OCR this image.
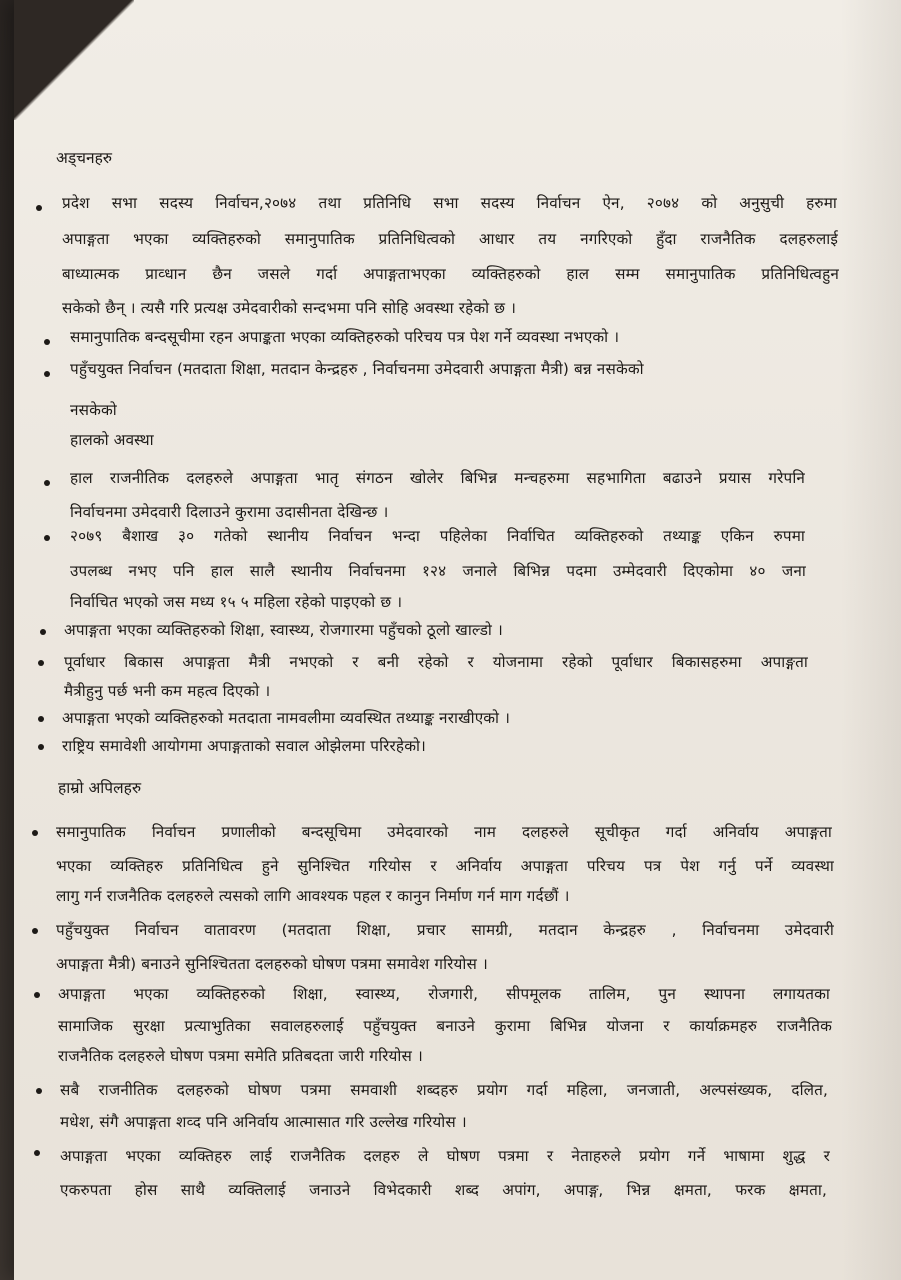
अड्चनहरु
प्रदेश सभा सदस्य निर्वाचन,२०७४ तथा प्रतिनिधि सभा सदस्य निर्वाचन ऐन, २०७४ को अनुसुची हरुमा
अपाङ्गता भएका व्यक्तिहरुको समानुपातिक प्रतिनिधित्वको आधार तय नगरिएको हुँदा राजनैतिक दलहरुलाई
बाध्यात्मक प्राव्धान छैन जसले गर्दा अपाङ्गताभएका व्यक्तिहरुको हाल सम्म समानुपातिक प्रतिनिधित्वहुन
सकेको छैन् । त्यसै गरि प्रत्यक्ष उमेदवारीको सन्दभमा पनि सोहि अवस्था रहेको छ ।
समानुपातिक बन्दसूचीमा रहन अपाङ्कता भएका व्यक्तिहरुको परिचय पत्र पेश गर्ने व्यवस्था नभएको ।
पहुँचयुक्त निर्वाचन (मतदाता शिक्षा, मतदान केन्द्रहरु , निर्वाचनमा उमेदवारी अपाङ्गता मैत्री) बन्न नसकेको
नसकेको
हालको अवस्था
हाल राजनीतिक दलहरुले अपाङ्गता भातृ संगठन खोलेर बिभिन्न मन्चहरुमा सहभागिता बढाउने प्रयास गरेपनि
निर्वाचनमा उमेदवारी दिलाउने कुरामा उदासीनता देखिन्छ ।
२०७९ बैशाख ३० गतेको स्थानीय निर्वाचन भन्दा पहिलेका निर्वाचित व्यक्तिहरुको तथ्याङ्क एकिन रुपमा
उपलब्ध नभए पनि हाल सालै स्थानीय निर्वाचनमा १२४ जनाले बिभिन्न पदमा उम्मेदवारी दिएकोमा ४० जना
निर्वाचित भएको जस मध्य १५ ५ महिला रहेको पाइएको छ ।
अपाङ्गता भएका व्यक्तिहरुको शिक्षा, स्वास्थ्य, रोजगारमा पहुँचको ठूलो खाल्डो ।
पूर्वाधार बिकास अपाङ्गता मैत्री नभएको र बनी रहेको र योजनामा रहेको पूर्वाधार बिकासहरुमा अपाङ्गता
मैत्रीहुनु पर्छ भनी कम महत्व दिएको ।
अपाङ्गता भएको व्यक्तिहरुको मतदाता नामवलीमा व्यवस्थित तथ्याङ्क नराखीएको ।
राष्ट्रिय समावेशी आयोगमा अपाङ्गताको सवाल ओझेलमा परिरहेको।
हाम्रो अपिलहरु
समानुपातिक निर्वाचन प्रणालीको बन्दसूचिमा उमेदवारको नाम दलहरुले सूचीकृत गर्दा अनिर्वाय अपाङ्गता
भएका व्यक्तिहरु प्रतिनिधित्व हुने सुनिश्चित गरियोस र अनिर्वाय अपाङ्गता परिचय पत्र पेश गर्नु पर्ने व्यवस्था
लागु गर्न राजनैतिक दलहरुले त्यसको लागि आवश्यक पहल र कानुन निर्माण गर्न माग गर्दछौं ।
पहुँचयुक्त निर्वाचन वातावरण (मतदाता शिक्षा, प्रचार सामग्री, मतदान केन्द्रहरु , निर्वाचनमा उमेदवारी
अपाङ्गता मैत्री) बनाउने सुनिश्चितता दलहरुको घोषण पत्रमा समावेश गरियोस ।
अपाङ्गता भएका व्यक्तिहरुको शिक्षा, स्वास्थ्य, रोजगारी, सीपमूलक तालिम, पुन स्थापना लगायतका
सामाजिक सुरक्षा प्रत्याभुतिका सवालहरुलाई पहुँचयुक्त बनाउने कुरामा बिभिन्न योजना र कार्याक्रमहरु राजनैतिक
राजनैतिक दलहरुले घोषण पत्रमा समेति प्रतिबदता जारी गरियोस ।
सबै राजनीतिक दलहरुको घोषण पत्रमा समवाशी शब्दहरु प्रयोग गर्दा महिला, जनजाती, अल्पसंख्यक, दलित,
मधेश, संगै अपाङ्गता शव्द पनि अनिर्वाय आत्मासात गरि उल्लेख गरियोस ।
अपाङ्गता भएका व्यक्तिहरु लाई राजनैतिक दलहरु ले घोषण पत्रमा र नेताहरुले प्रयोग गर्ने भाषामा शुद्ध र
एकरुपता होस साथै व्यक्तिलाई जनाउने विभेदकारी शब्द अपांग, अपाङ्ग, भिन्न क्षमता, फरक क्षमता,
